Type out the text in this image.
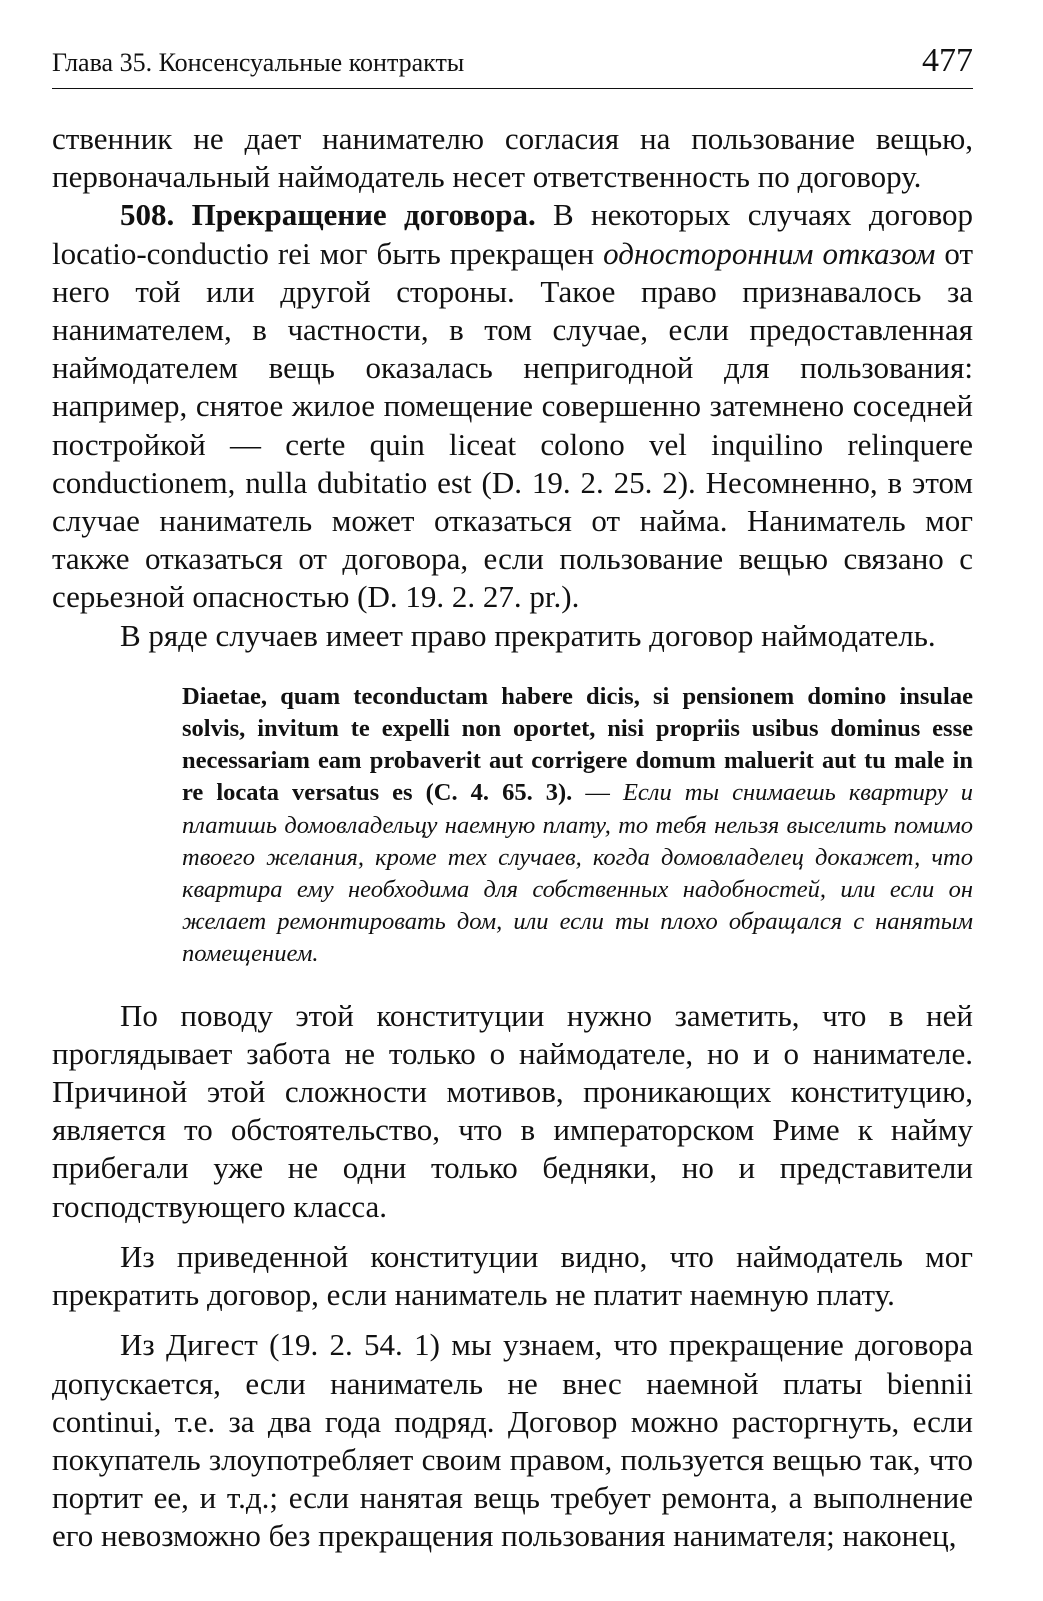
Глава 35. Консенсуальные контракты	477

ственник не дает нанимателю согласия на пользование вещью, первоначальный наймодатель несет ответственность по договору.

508. Прекращение договора. В некоторых случаях договор locatio-conductio rei мог быть прекращен односторонним отказом от него той или другой стороны. Такое право признавалось за нанимателем, в частности, в том случае, если предоставленная наймодателем вещь оказалась непригодной для пользования: например, снятое жилое помещение совершенно затемнено соседней постройкой — certe quin liceat colono vel inquilino relinquere conductionem, nulla dubitatio est (D. 19. 2. 25. 2). Несомненно, в этом случае наниматель может отказаться от найма. Наниматель мог также отказаться от договора, если пользование вещью связано с серьезной опасностью (D. 19. 2. 27. pr.).

В ряде случаев имеет право прекратить договор наймодатель.

Diaetae, quam teconductam habere dicis, si pensionem domino insulae solvis, invitum te expelli non oportet, nisi propriis usibus dominus esse necessariam eam probaverit aut corrigere domum maluerit aut tu male in re locata versatus es (C. 4. 65. 3). — Если ты снимаешь квартиру и платишь домовладельцу наемную плату, то тебя нельзя выселить помимо твоего желания, кроме тех случаев, когда домовладелец докажет, что квартира ему необходима для собственных надобностей, или если он желает ремонтировать дом, или если ты плохо обращался с нанятым помещением.

По поводу этой конституции нужно заметить, что в ней проглядывает забота не только о наймодателе, но и о нанимателе. Причиной этой сложности мотивов, проникающих конституцию, является то обстоятельство, что в императорском Риме к найму прибегали уже не одни только бедняки, но и представители господствующего класса.

Из приведенной конституции видно, что наймодатель мог прекратить договор, если наниматель не платит наемную плату.

Из Дигест (19. 2. 54. 1) мы узнаем, что прекращение договора допускается, если наниматель не внес наемной платы biennii continui, т.е. за два года подряд. Договор можно расторгнуть, если покупатель злоупотребляет своим правом, пользуется вещью так, что портит ее, и т.д.; если нанятая вещь требует ремонта, а выполнение его невозможно без прекращения пользования нанимателя; наконец,
